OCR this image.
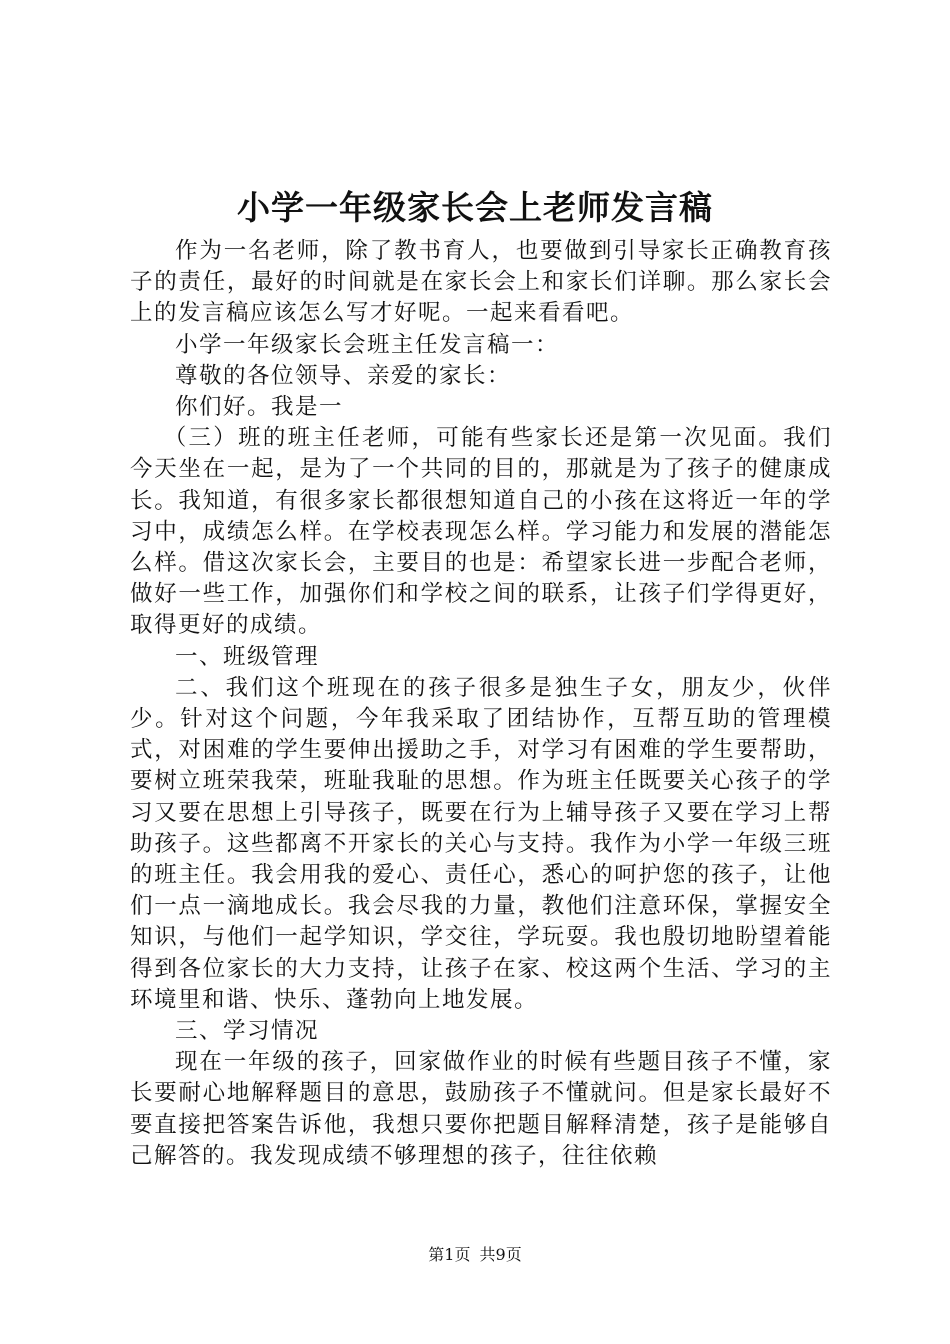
小学一年级家长会上老师发言稿

作为一名老师，除了教书育人，也要做到引导家长正确教育孩子的责任，最好的时间就是在家长会上和家长们详聊。那么家长会上的发言稿应该怎么写才好呢。一起来看看吧。

小学一年级家长会班主任发言稿一：

尊敬的各位领导、亲爱的家长：

你们好。我是一

（三）班的班主任老师，可能有些家长还是第一次见面。我们今天坐在一起，是为了一个共同的目的，那就是为了孩子的健康成长。我知道，有很多家长都很想知道自己的小孩在这将近一年的学习中，成绩怎么样。在学校表现怎么样。学习能力和发展的潜能怎么样。借这次家长会，主要目的也是：希望家长进一步配合老师，做好一些工作，加强你们和学校之间的联系，让孩子们学得更好，取得更好的成绩。

一、班级管理

二、我们这个班现在的孩子很多是独生子女，朋友少，伙伴少。针对这个问题，今年我采取了团结协作，互帮互助的管理模式，对困难的学生要伸出援助之手，对学习有困难的学生要帮助，要树立班荣我荣，班耻我耻的思想。作为班主任既要关心孩子的学习又要在思想上引导孩子，既要在行为上辅导孩子又要在学习上帮助孩子。这些都离不开家长的关心与支持。我作为小学一年级三班的班主任。我会用我的爱心、责任心，悉心的呵护您的孩子，让他们一点一滴地成长。我会尽我的力量，教他们注意环保，掌握安全知识，与他们一起学知识，学交往，学玩耍。我也殷切地盼望着能得到各位家长的大力支持，让孩子在家、校这两个生活、学习的主环境里和谐、快乐、蓬勃向上地发展。

三、学习情况

现在一年级的孩子，回家做作业的时候有些题目孩子不懂，家长要耐心地解释题目的意思，鼓励孩子不懂就问。但是家长最好不要直接把答案告诉他，我想只要你把题目解释清楚，孩子是能够自己解答的。我发现成绩不够理想的孩子，往往依赖

第1页 共9页
